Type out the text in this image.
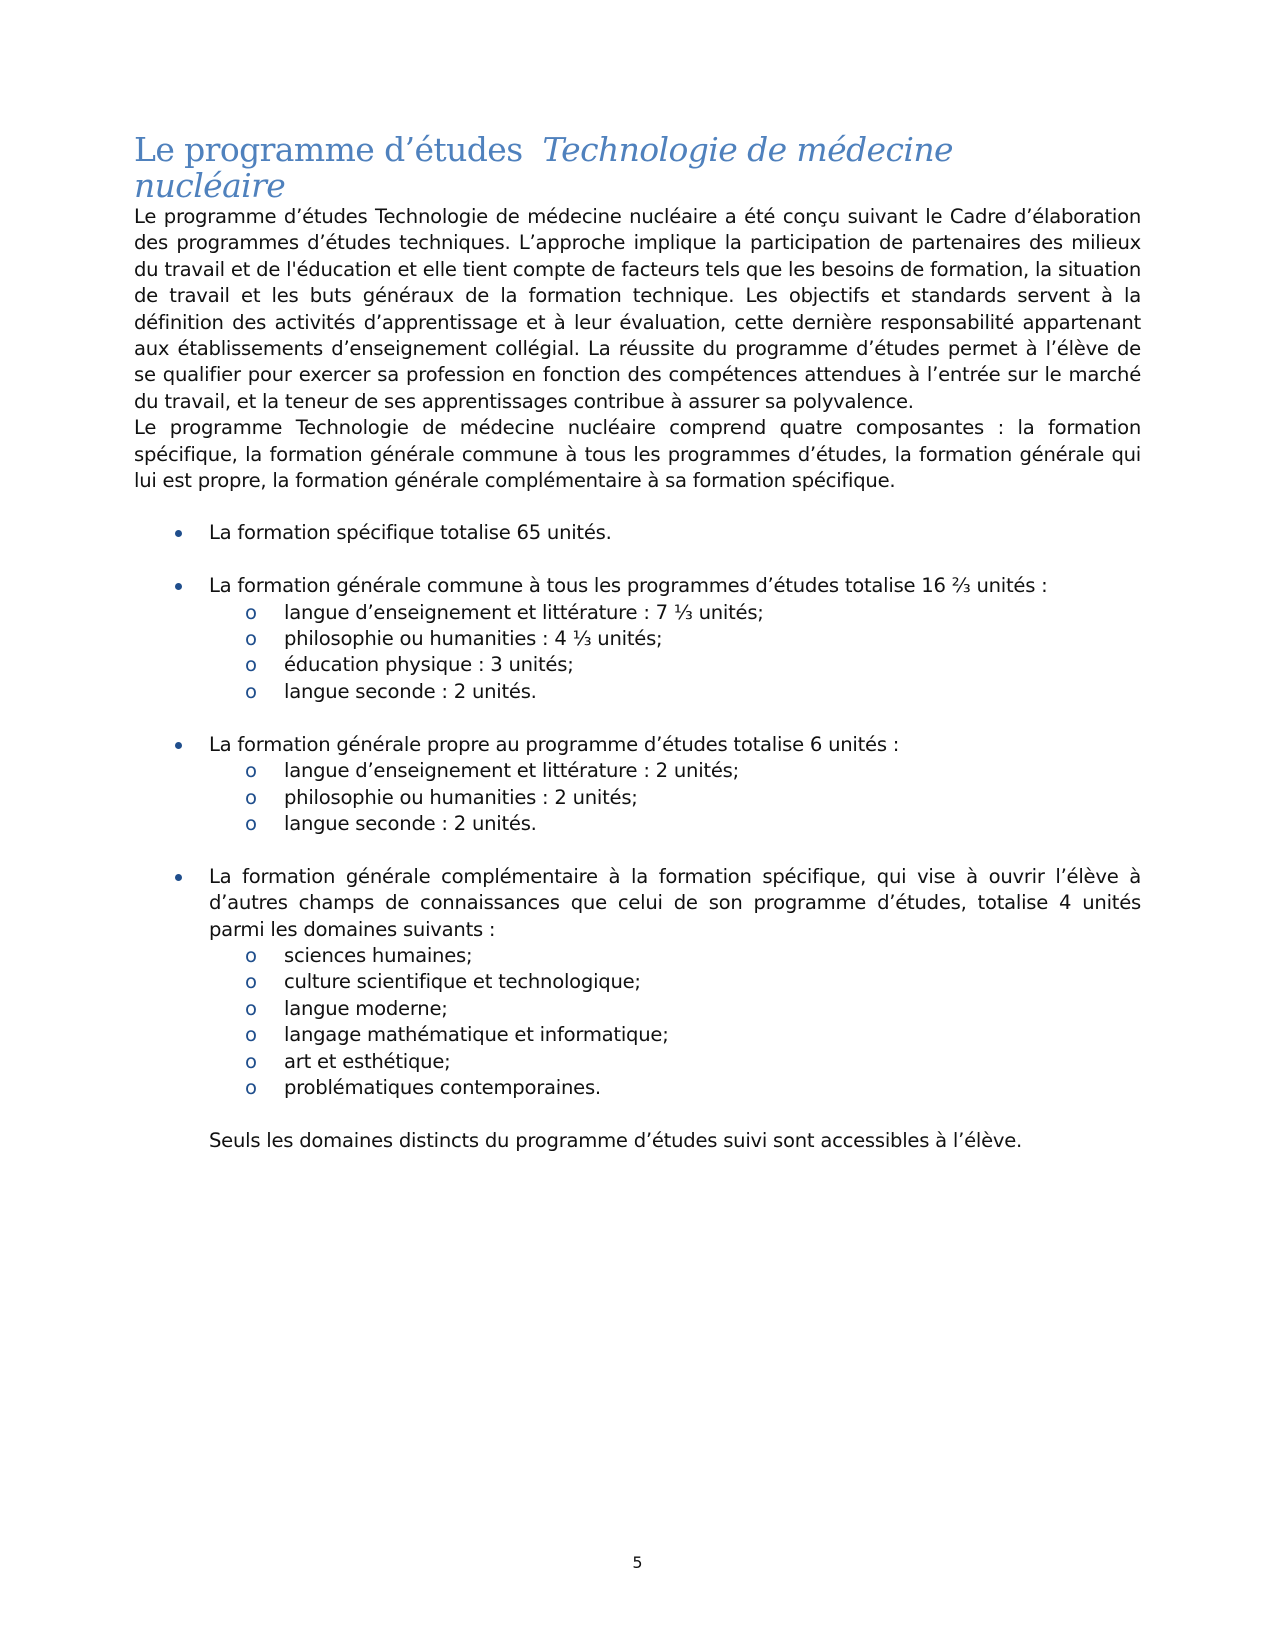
Le programme d’études Technologie de médecine
nucléaire

Le programme d’études Technologie de médecine nucléaire a été conçu suivant le Cadre d’élaboration des programmes d’études techniques. L’approche implique la participation de partenaires des milieux du travail et de l'éducation et elle tient compte de facteurs tels que les besoins de formation, la situation de travail et les buts généraux de la formation technique. Les objectifs et standards servent à la définition des activités d’apprentissage et à leur évaluation, cette dernière responsabilité appartenant aux établissements d’enseignement collégial. La réussite du programme d’études permet à l’élève de se qualifier pour exercer sa profession en fonction des compétences attendues à l’entrée sur le marché du travail, et la teneur de ses apprentissages contribue à assurer sa polyvalence.

Le programme Technologie de médecine nucléaire comprend quatre composantes : la formation spécifique, la formation générale commune à tous les programmes d’études, la formation générale qui lui est propre, la formation générale complémentaire à sa formation spécifique.

La formation spécifique totalise 65 unités.
La formation générale commune à tous les programmes d’études totalise 16 ⅔ unités :
o langue d’enseignement et littérature : 7 ⅓ unités;
o philosophie ou humanities : 4 ⅓ unités;
o éducation physique : 3 unités;
o langue seconde : 2 unités.
La formation générale propre au programme d’études totalise 6 unités :
o langue d’enseignement et littérature : 2 unités;
o philosophie ou humanities : 2 unités;
o langue seconde : 2 unités.
La formation générale complémentaire à la formation spécifique, qui vise à ouvrir l’élève à d’autres champs de connaissances que celui de son programme d’études, totalise 4 unités parmi les domaines suivants :
o sciences humaines;
o culture scientifique et technologique;
o langue moderne;
o langage mathématique et informatique;
o art et esthétique;
o problématiques contemporaines.

Seuls les domaines distincts du programme d’études suivi sont accessibles à l’élève.

5
